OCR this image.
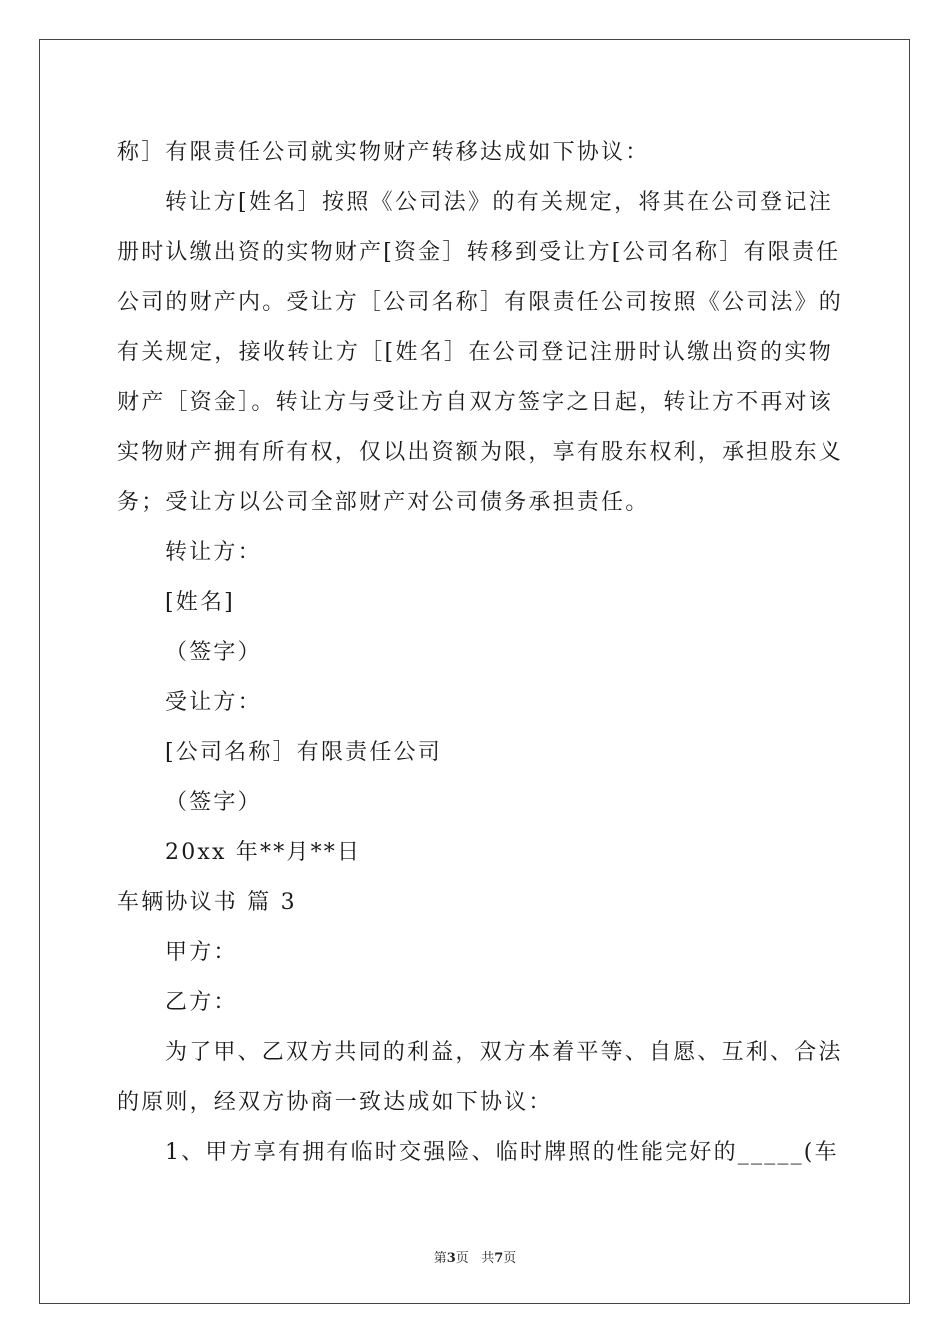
称］有限责任公司就实物财产转移达成如下协议：

转让方[姓名］按照《公司法》的有关规定，将其在公司登记注

册时认缴出资的实物财产[资金］转移到受让方[公司名称］有限责任

公司的财产内。受让方［公司名称］有限责任公司按照《公司法》的

有关规定，接收转让方［[姓名］在公司登记注册时认缴出资的实物

财产［资金］。转让方与受让方自双方签字之日起，转让方不再对该

实物财产拥有所有权，仅以出资额为限，享有股东权利，承担股东义

务；受让方以公司全部财产对公司债务承担责任。

转让方：

[姓名]

（签字）

受让方：

[公司名称］有限责任公司

（签字）

20xx 年**月**日

车辆协议书 篇 3

甲方：

乙方：

为了甲、乙双方共同的利益，双方本着平等、自愿、互利、合法

的原则，经双方协商一致达成如下协议：

1、甲方享有拥有临时交强险、临时牌照的性能完好的_____(车

第3页   共7页
